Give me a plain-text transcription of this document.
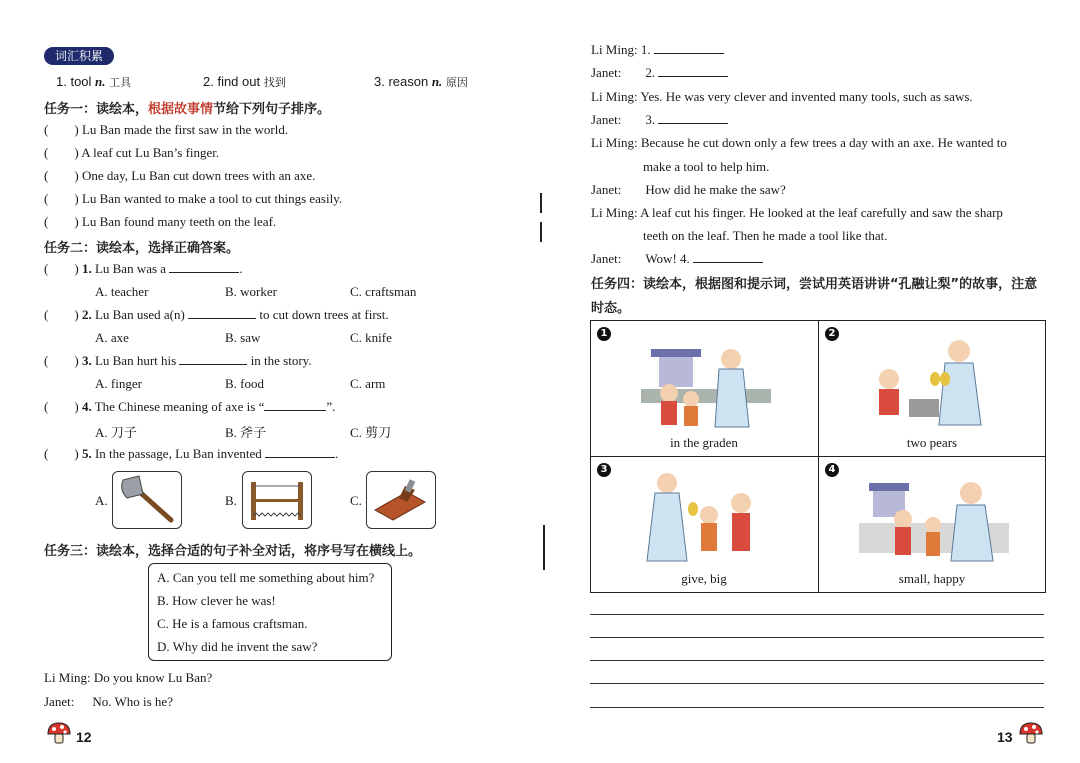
词汇积累
1. tool n. 工具	2. find out 找到	3. reason n. 原因
任务一：读绘本，根据故事情节给下列句子排序。
( ) Lu Ban made the first saw in the world.
( ) A leaf cut Lu Ban’s finger.
( ) One day, Lu Ban cut down trees with an axe.
( ) Lu Ban wanted to make a tool to cut things easily.
( ) Lu Ban found many teeth on the leaf.
任务二：读绘本，选择正确答案。
( ) 1. Lu Ban was a	.
A. teacher	B. worker	C. craftsman
( ) 2. Lu Ban used a(n)	to cut down trees at first.
A. axe	B. saw	C. knife
( ) 3. Lu Ban hurt his	in the story.
A. finger	B. food	C. arm
( ) 4. The Chinese meaning of axe is “	”.
A. 刀子	B. 斧子	C. 剪刀
( ) 5. In the passage, Lu Ban invented	.
A.	B.	C.
任务三：读绘本，选择合适的句子补全对话，将序号写在横线上。
A. Can you tell me something about him?
B. How clever he was!
C. He is a famous craftsman.
D. Why did he invent the saw?
Li Ming: Do you know Lu Ban?
Janet: No. Who is he?
12
Li Ming: 1.
Janet: 2.
Li Ming: Yes. He was very clever and invented many tools, such as saws.
Janet: 3.
Li Ming: Because he cut down only a few trees a day with an axe. He wanted to
make a tool to help him.
Janet: How did he make the saw?
Li Ming: A leaf cut his finger. He looked at the leaf carefully and saw the sharp
teeth on the leaf. Then he made a tool like that.
Janet: Wow! 4.
任务四：读绘本，根据图和提示词，尝试用英语讲讲“孔融让梨”的故事，注意
时态。
1
in the graden
2
two pears
3
give, big
4
small, happy
13
